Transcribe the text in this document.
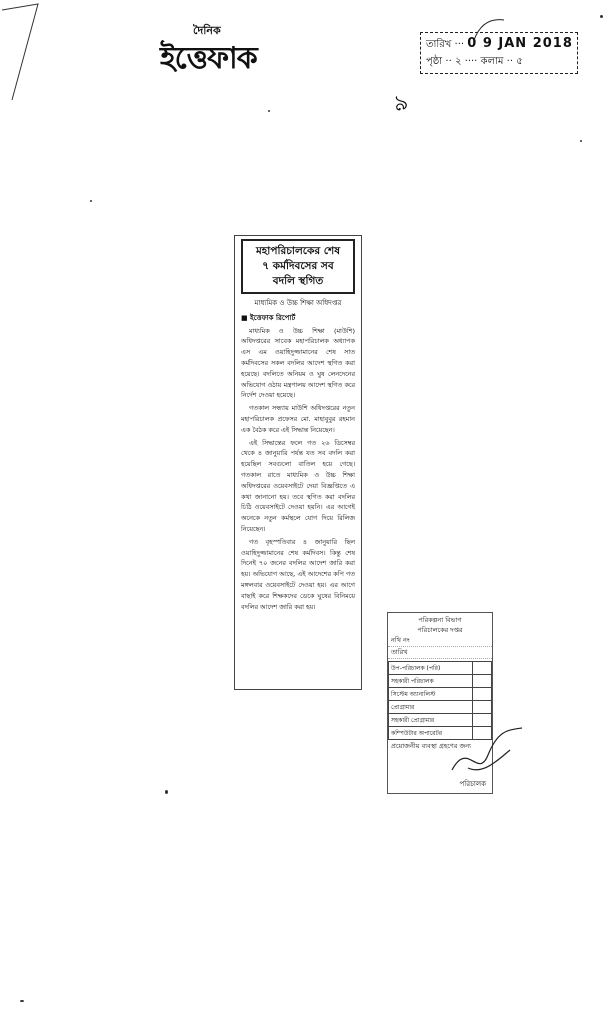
দৈনিক
ইত্তেফাক	তারিখ ··· 0 9 JAN 2018
পৃষ্ঠা ·· ২ ···· কলাম ·· ৫
৯
মহাপরিচালকের শেষ
৭ কর্মদিবসের সব
বদলি স্থগিত
মাধ্যমিক ও উচ্চ শিক্ষা অধিদপ্তর
■ ইত্তেফাক রিপোর্ট

মাধ্যমিক ও উচ্চ শিক্ষা (মাউশি) অধিদপ্তরের সাবেক মহাপরিচালক অধ্যাপক এস এম ওয়াহিদুজ্জামানের শেষ সাত কর্মদিবসের সকল বদলির আদেশ স্থগিত করা হয়েছে। বদলিতে অনিয়ম ও ঘুষ লেনদেনের অভিযোগ ওঠায় মন্ত্রণালয় আদেশ স্থগিত করে নির্দেশ দেওয়া হয়েছে।

গতকাল সন্ধ্যায় মাউশি অধিদপ্তরের নতুন মহাপরিচালক প্রফেসর মো. মাহাবুবুর রহমান এক বৈঠক করে এই সিদ্ধান্ত নিয়েছেন।

এই সিদ্ধান্তের ফলে গত ২৬ ডিসেম্বর থেকে ৪ জানুয়ারি পর্যন্ত যত সব বদলি করা হয়েছিল সবগুলো বাতিল হয়ে গেছে। গতকাল রাতে মাধ্যমিক ও উচ্চ শিক্ষা অধিদপ্তরের ওয়েবসাইটে দেয়া বিজ্ঞপ্তিতে এ কথা জানানো হয়। তবে স্থগিত করা বদলির চিঠি ওয়েবসাইটে দেওয়া হয়নি। এর আগেই অনেকে নতুন কর্মস্থলে যোগ দিয়ে রিলিজ নিয়েছেন।

গত বৃহস্পতিবার ৪ জানুয়ারি ছিল ওয়াহিদুজ্জামানের শেষ কর্মদিবস। কিন্তু শেষ দিনেই ৭০ জনের বদলির আদেশ জারি করা হয়। অভিযোগ আছে, এই আদেশের কপি গত মঙ্গলবার ওয়েবসাইটে দেওয়া হয়। এর আগে বাছাই করে শিক্ষকদের ডেকে ঘুষের বিনিময়ে বদলির আদেশ জারি করা হয়।

পরিকল্পনা বিভাগ
পরিচালকের দপ্তর
নথি নং
তারিখ
উপ-পরিচালক (পরি)	
সহকারী পরিচালক	
সিস্টেম অ্যানালিস্ট	
প্রোগ্রামার	
সহকারী প্রোগ্রামার	
কম্পিউটার অপারেটর	
প্রয়োজনীয় ব্যবস্থা গ্রহণের জন্য
পরিচালক
